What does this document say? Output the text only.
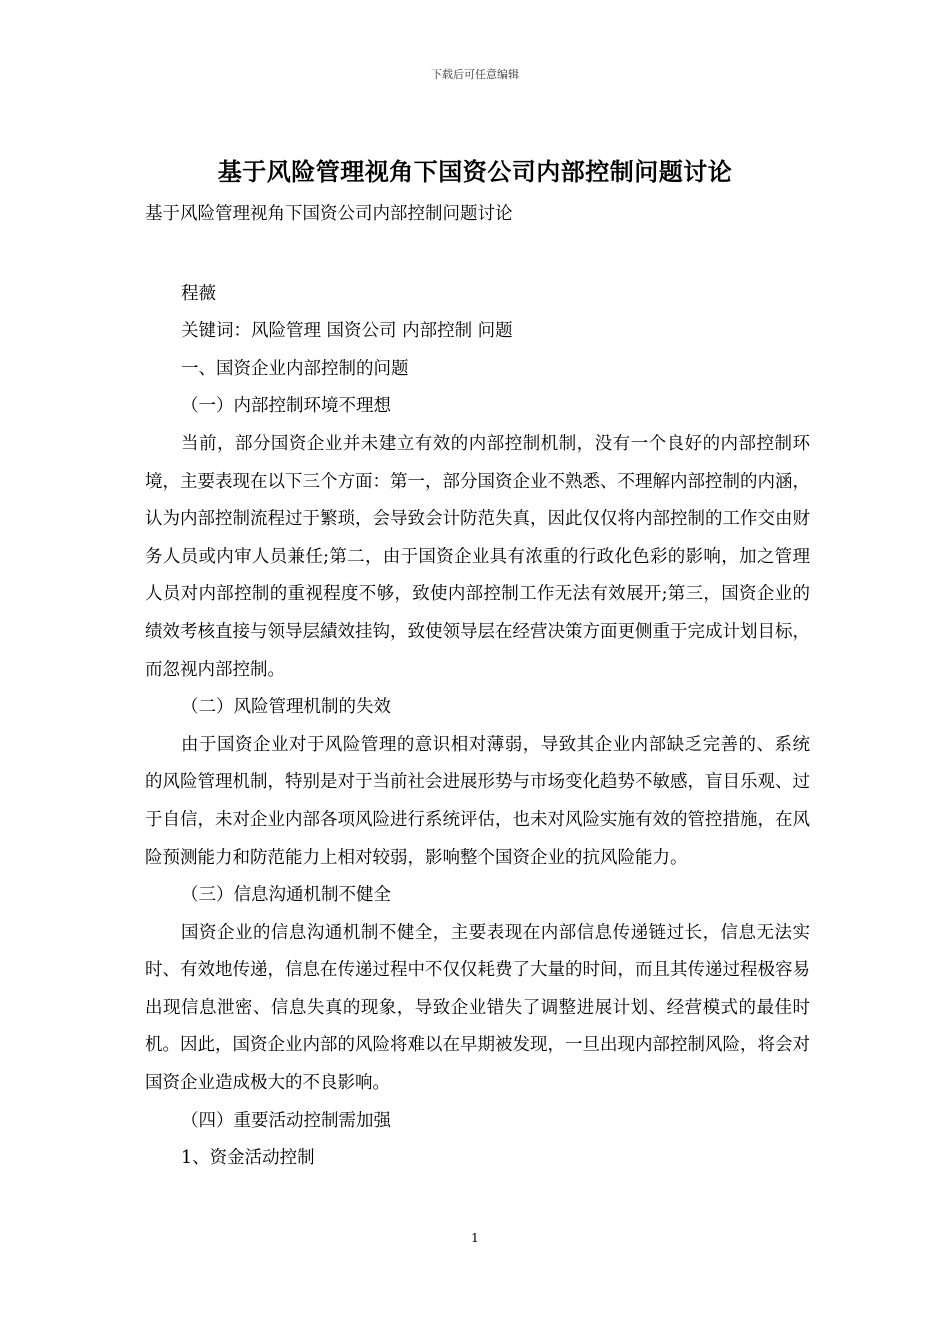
下载后可任意编辑
基于风险管理视角下国资公司内部控制问题讨论

基于风险管理视角下国资公司内部控制问题讨论

程薇

关键词：风险管理 国资公司 内部控制 问题

一、国资企业内部控制的问题

（一）内部控制环境不理想

当前，部分国资企业并未建立有效的内部控制机制，没有一个良好的内部控制环境，主要表现在以下三个方面：第一，部分国资企业不熟悉、不理解内部控制的内涵，认为内部控制流程过于繁琐，会导致会计防范失真，因此仅仅将内部控制的工作交由财务人员或内审人员兼任;第二，由于国资企业具有浓重的行政化色彩的影响，加之管理人员对内部控制的重视程度不够，致使内部控制工作无法有效展开;第三，国资企业的绩效考核直接与领导层績效挂钩，致使领导层在经营决策方面更侧重于完成计划目标，而忽视内部控制。

（二）风险管理机制的失效

由于国资企业对于风险管理的意识相对薄弱，导致其企业内部缺乏完善的、系统的风险管理机制，特别是对于当前社会进展形势与市场变化趋势不敏感，盲目乐观、过于自信，未对企业内部各项风险进行系统评估，也未对风险实施有效的管控措施，在风险预测能力和防范能力上相对较弱，影响整个国资企业的抗风险能力。

（三）信息沟通机制不健全

国资企业的信息沟通机制不健全，主要表现在内部信息传递链过长，信息无法实时、有效地传递，信息在传递过程中不仅仅耗费了大量的时间，而且其传递过程极容易出现信息泄密、信息失真的现象，导致企业错失了调整进展计划、经营模式的最佳时机。因此，国资企业内部的风险将难以在早期被发现，一旦出现内部控制风险，将会对国资企业造成极大的不良影响。

（四）重要活动控制需加强

1、资金活动控制

1
